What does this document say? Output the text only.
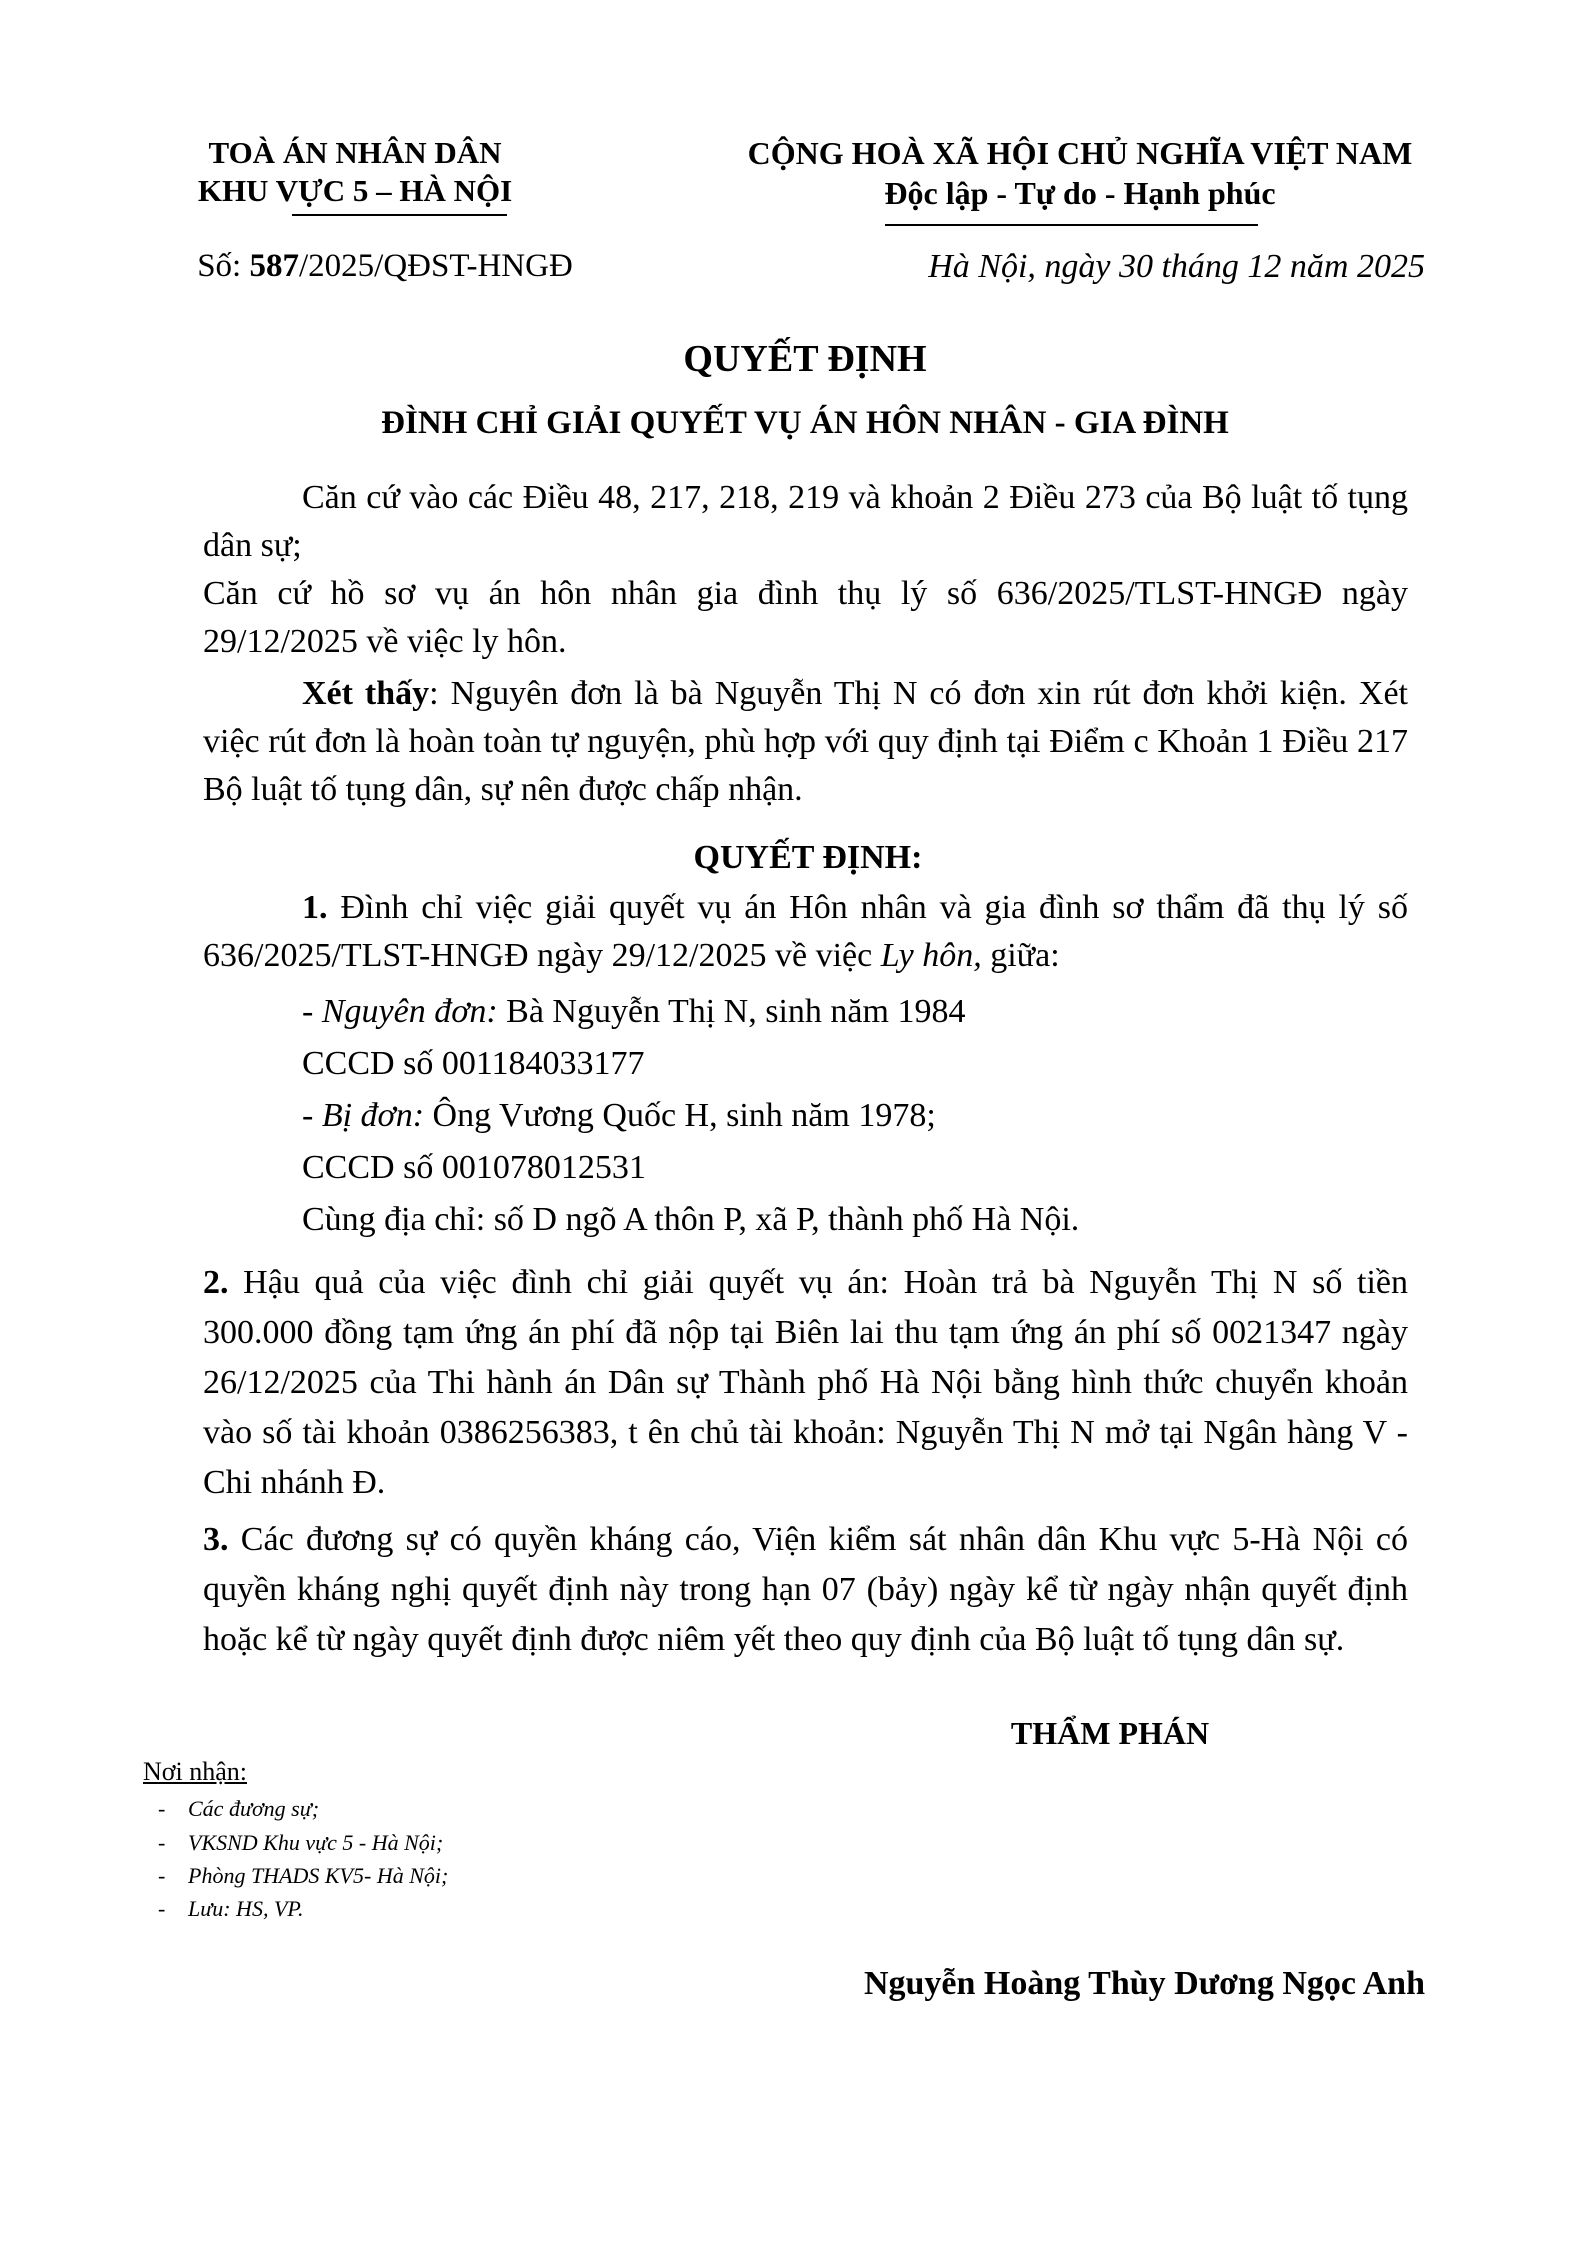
TOÀ ÁN NHÂN DÂN
KHU VỰC 5 – HÀ NỘI
Số: 587/2025/QĐST-HNGĐ
CỘNG HOÀ XÃ HỘI CHỦ NGHĨA VIỆT NAM
Độc lập - Tự do - Hạnh phúc
Hà Nội, ngày 30 tháng 12 năm 2025
QUYẾT ĐỊNH
ĐÌNH CHỈ GIẢI QUYẾT VỤ ÁN HÔN NHÂN - GIA ĐÌNH
Căn cứ vào các Điều 48, 217, 218, 219 và khoản 2 Điều 273 của Bộ luật tố tụng dân sự;
Căn cứ hồ sơ vụ án hôn nhân gia đình thụ lý số 636/2025/TLST-HNGĐ ngày 29/12/2025 về việc ly hôn.
Xét thấy: Nguyên đơn là bà Nguyễn Thị N có đơn xin rút đơn khởi kiện. Xét việc rút đơn là hoàn toàn tự nguyện, phù hợp với quy định tại Điểm c Khoản 1 Điều 217 Bộ luật tố tụng dân, sự nên được chấp nhận.
QUYẾT ĐỊNH:
1. Đình chỉ việc giải quyết vụ án Hôn nhân và gia đình sơ thẩm đã thụ lý số 636/2025/TLST-HNGĐ ngày 29/12/2025 về việc Ly hôn, giữa:
- Nguyên đơn: Bà Nguyễn Thị N, sinh năm 1984
CCCD số 001184033177
- Bị đơn: Ông Vương Quốc H, sinh năm 1978;
CCCD số 001078012531
Cùng địa chỉ: số D ngõ A thôn P, xã P, thành phố Hà Nội.
2. Hậu quả của việc đình chỉ giải quyết vụ án: Hoàn trả bà Nguyễn Thị N số tiền 300.000 đồng tạm ứng án phí đã nộp tại Biên lai thu tạm ứng án phí số 0021347 ngày 26/12/2025 của Thi hành án Dân sự Thành phố Hà Nội bằng hình thức chuyển khoản vào số tài khoản 0386256383, t ên chủ tài khoản: Nguyễn Thị N mở tại Ngân hàng V - Chi nhánh Đ.
3. Các đương sự có quyền kháng cáo, Viện kiểm sát nhân dân Khu vực 5-Hà Nội có quyền kháng nghị quyết định này trong hạn 07 (bảy) ngày kể từ ngày nhận quyết định hoặc kể từ ngày quyết định được niêm yết theo quy định của Bộ luật tố tụng dân sự.
THẨM PHÁN
Nơi nhận:
- Các đương sự;
- VKSND Khu vực 5 - Hà Nội;
- Phòng THADS KV5- Hà Nội;
- Lưu: HS, VP.
Nguyễn Hoàng Thùy Dương Ngọc Anh
